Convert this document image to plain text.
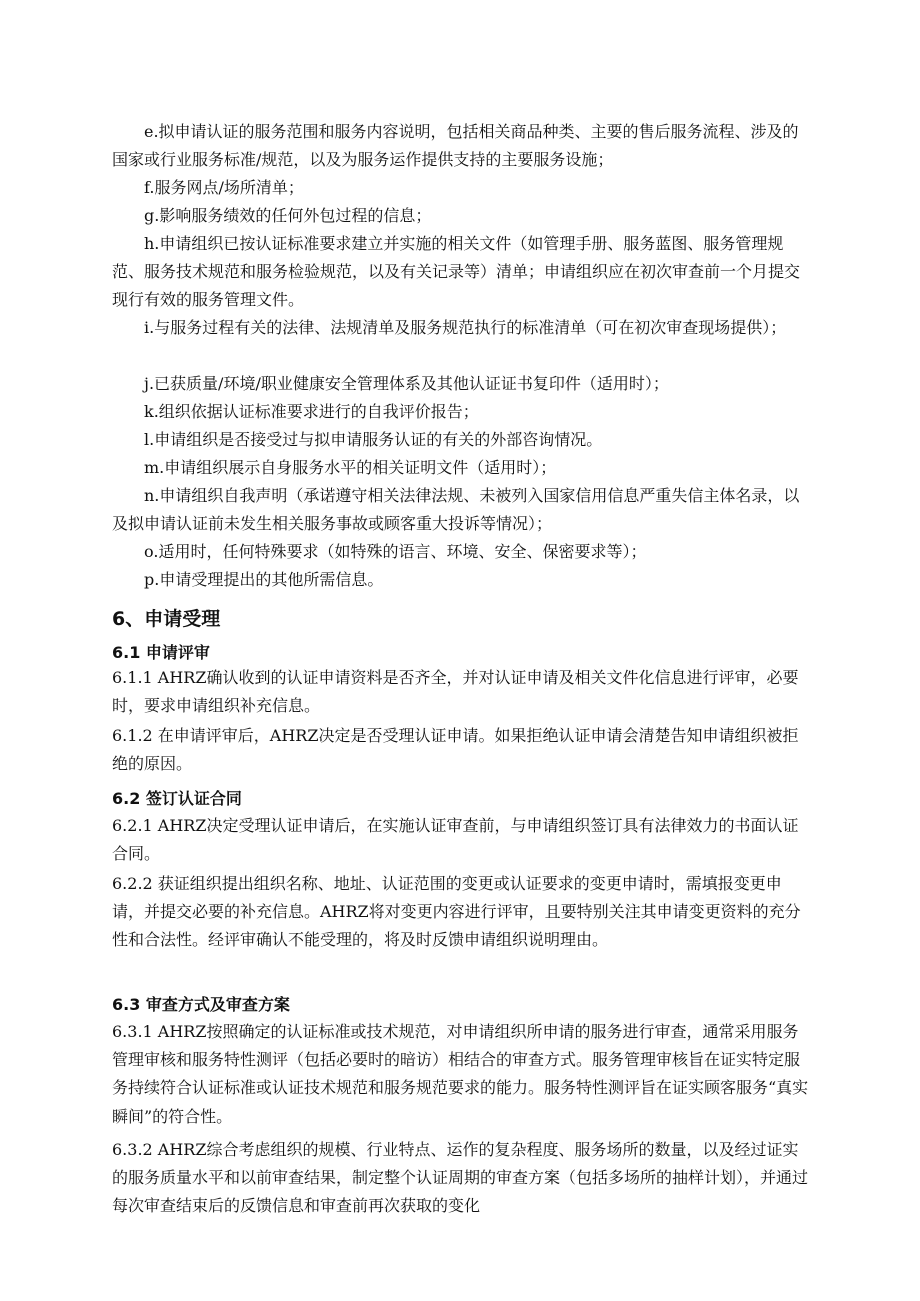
e.拟申请认证的服务范围和服务内容说明，包括相关商品种类、主要的售后服务流程、涉及的国家或行业服务标准/规范，以及为服务运作提供支持的主要服务设施；

f.服务网点/场所清单；

g.影响服务绩效的任何外包过程的信息；

h.申请组织已按认证标准要求建立并实施的相关文件（如管理手册、服务蓝图、服务管理规范、服务技术规范和服务检验规范，以及有关记录等）清单；申请组织应在初次审查前一个月提交现行有效的服务管理文件。

i.与服务过程有关的法律、法规清单及服务规范执行的标准清单（可在初次审查现场提供）；

j.已获质量/环境/职业健康安全管理体系及其他认证证书复印件（适用时）；

k.组织依据认证标准要求进行的自我评价报告；

l.申请组织是否接受过与拟申请服务认证的有关的外部咨询情况。

m.申请组织展示自身服务水平的相关证明文件（适用时）；

n.申请组织自我声明（承诺遵守相关法律法规、未被列入国家信用信息严重失信主体名录，以及拟申请认证前未发生相关服务事故或顾客重大投诉等情况）；

o.适用时，任何特殊要求（如特殊的语言、环境、安全、保密要求等）；

p.申请受理提出的其他所需信息。

6、申请受理
6.1 申请评审

6.1.1 AHRZ确认收到的认证申请资料是否齐全，并对认证申请及相关文件化信息进行评审，必要时，要求申请组织补充信息。

6.1.2 在申请评审后，AHRZ决定是否受理认证申请。如果拒绝认证申请会清楚告知申请组织被拒绝的原因。

6.2 签订认证合同

6.2.1 AHRZ决定受理认证申请后，在实施认证审查前，与申请组织签订具有法律效力的书面认证合同。

6.2.2 获证组织提出组织名称、地址、认证范围的变更或认证要求的变更申请时，需填报变更申请，并提交必要的补充信息。AHRZ将对变更内容进行评审，且要特别关注其申请变更资料的充分性和合法性。经评审确认不能受理的，将及时反馈申请组织说明理由。

6.3 审查方式及审查方案

6.3.1 AHRZ按照确定的认证标准或技术规范，对申请组织所申请的服务进行审查，通常采用服务管理审核和服务特性测评（包括必要时的暗访）相结合的审查方式。服务管理审核旨在证实特定服务持续符合认证标准或认证技术规范和服务规范要求的能力。服务特性测评旨在证实顾客服务“真实瞬间”的符合性。

6.3.2 AHRZ综合考虑组织的规模、行业特点、运作的复杂程度、服务场所的数量，以及经过证实的服务质量水平和以前审查结果，制定整个认证周期的审查方案（包括多场所的抽样计划），并通过每次审查结束后的反馈信息和审查前再次获取的变化
